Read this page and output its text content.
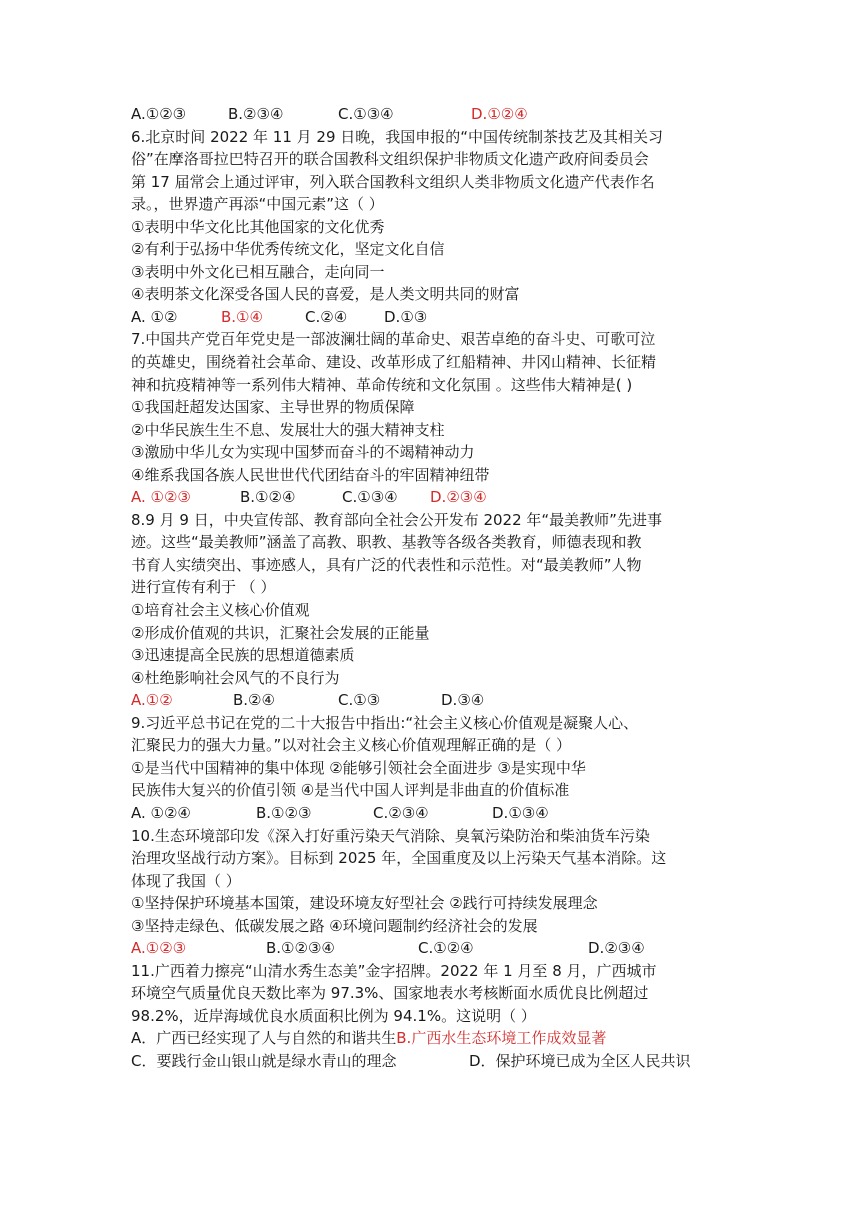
A.①②③	B.②③④	C.①③④	D.①②④
6.北京时间 2022 年 11 月 29 日晚，我国申报的“中国传统制茶技艺及其相关习
俗”在摩洛哥拉巴特召开的联合国教科文组织保护非物质文化遗产政府间委员会
第 17 届常会上通过评审，列入联合国教科文组织人类非物质文化遗产代表作名
录。，世界遗产再添“中国元素”这（ ）
①表明中华文化比其他国家的文化优秀
②有利于弘扬中华优秀传统文化，坚定文化自信
③表明中外文化已相互融合，走向同一
④表明茶文化深受各国人民的喜爱，是人类文明共同的财富
A. ①②	B.①④	C.②④ D.①③
7.中国共产党百年党史是一部波澜壮阔的革命史、艰苦卓绝的奋斗史、可歌可泣
的英雄史，围绕着社会革命、建设、改革形成了红船精神、井冈山精神、长征精
神和抗疫精神等一系列伟大精神、革命传统和文化氛围 。这些伟大精神是( )
①我国赶超发达国家、主导世界的物质保障
②中华民族生生不息、发展壮大的强大精神支柱
③激励中华儿女为实现中国梦而奋斗的不竭精神动力
④维系我国各族人民世世代代团结奋斗的牢固精神纽带
A. ①②③	B.①②④	C.①③④ D.②③④
8.9 月 9 日，中央宣传部、教育部向全社会公开发布 2022 年“最美教师”先进事
迹。这些“最美教师”涵盖了高教、职教、基教等各级各类教育，师德表现和教
书育人实绩突出、事迹感人，具有广泛的代表性和示范性。对“最美教师”人物
进行宣传有利于 （ ）
①培育社会主义核心价值观
②形成价值观的共识，汇聚社会发展的正能量
③迅速提高全民族的思想道德素质
④杜绝影响社会风气的不良行为
A.①②	B.②④	C.①③	D.③④
9.习近平总书记在党的二十大报告中指出:“社会主义核心价值观是凝聚人心、
汇聚民力的强大力量。”以对社会主义核心价值观理解正确的是（ ）
①是当代中国精神的集中体现 ②能够引领社会全面进步 ③是实现中华
民族伟大复兴的价值引领 ④是当代中国人评判是非曲直的价值标准
A. ①②④	B.①②③	C.②③④	D.①③④
10.生态环境部印发《深入打好重污染天气消除、臭氧污染防治和柴油货车污染
治理攻坚战行动方案》。目标到 2025 年，全国重度及以上污染天气基本消除。这
体现了我国（ ）
①坚持保护环境基本国策，建设环境友好型社会 ②践行可持续发展理念
③坚持走绿色、低碳发展之路 ④环境问题制约经济社会的发展
A.①②③	B.①②③④	C.①②④	D.②③④
11.广西着力擦亮“山清水秀生态美”金字招牌。2022 年 1 月至 8 月，广西城市
环境空气质量优良天数比率为 97.3%、国家地表水考核断面水质优良比例超过
98.2%，近岸海域优良水质面积比例为 94.1%。这说明（ ）
A．广西已经实现了人与自然的和谐共生B.广西水生态环境工作成效显著
C．要践行金山银山就是绿水青山的理念	D．保护环境已成为全区人民共识
